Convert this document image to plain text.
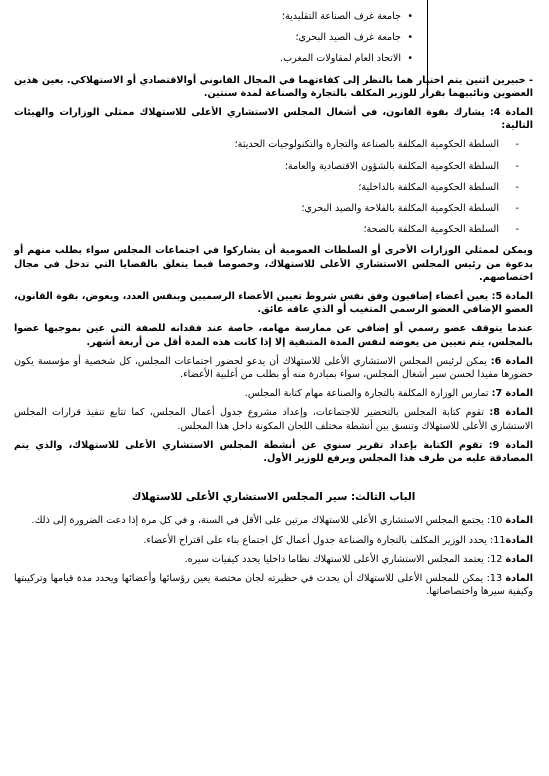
• جامعة غرف الصناعة التقليدية؛
• جامعة غرف الصيد البحري؛
• الاتحاد العام لمقاولات المغرب.

- خبيرين اثنين يتم اختيار هما بالنظر إلى كفاءتهما في المجال القانوني أوالاقتصادي أو الاستهلاكي. يعين هذين العضوين ونائبيهما بقرار للوزير المكلف بالتجارة والصناعة لمدة سنتين.

المادة 4: يشارك بقوة القانون، في أشغال المجلس الاستشاري الأعلى للاستهلاك ممثلي الوزارات والهيئات التالية:

- السلطة الحكومية المكلفة بالصناعة والتجارة والتكنولوجيات الحديثة؛
- السلطة الحكومية المكلفة بالشؤون الاقتصادية والعامة؛
- السلطة الحكومية المكلفة بالداخلية؛
- السلطة الحكومية المكلفة بالفلاحة والصيد البحري؛
- السلطة الحكومية المكلفة بالصحة؛

ويمكن لممثلي الوزارات الأخرى أو السلطات العمومية أن يشاركوا في اجتماعات المجلس سواء بطلب منهم أو بدعوة من رئيس المجلس الاستشاري الأعلى للاستهلاك، وخصوصا فيما يتعلق بالقضايا التي تدخل في مجال اختصاصهم.

المادة 5: يعين أعضاء إضافيون وفق نفس شروط تعيين الأعضاء الرسميين وبنفس العدد، ويعوض، بقوة القانون، العضو الإضافي العضو الرسمي المتغيب أو الذي عاقه عائق.

عندما يتوقف عضو رسمي أو إضافي عن ممارسة مهامه، خاصة عند فقدانه للصفة التي عين بموجبها عضوا بالمجلس، يتم تعيين من يعوضه لنفس المدة المتبقية إلا إذا كانت هذه المدة أقل من أربعة أشهر.

المادة 6: يمكن لرئيس المجلس الاستشاري الأعلى للاستهلاك أن يدعو لحضور اجتماعات المجلس، كل شخصية أو مؤسسة يكون حضورها مفيدا لحسن سير أشغال المجلس، سواء بمبادرة منه أو بطلب من أغلبية الأعضاء.

المادة 7: تمارس الوزارة المكلفة بالتجارة والصناعة مهام كتابة المجلس.

المادة 8: تقوم كتابة المجلس بالتحضير للاجتماعات، وإعداد مشروع جدول أعمال المجلس، كما تتابع تنفيذ قرارات المجلس الاستشاري الأعلى للاستهلاك وتنسق بين أنشطة مختلف اللجان المكونة داخل هذا المجلس.

المادة 9: تقوم الكتابة بإعداد تقرير سنوي عن أنشطة المجلس الاستشاري الأعلى للاستهلاك، والذي يتم المصادقة عليه من طرف هذا المجلس ويرفع للوزير الأول.

الباب الثالث: سير المجلس الاستشاري الأعلى للاستهلاك

المادة 10: يجتمع المجلس الاستشاري الأعلى للاستهلاك مرتين على الأقل في السنة، و في كل مرة إذا دعت الضرورة إلى ذلك.

المادة11: يحدد الوزير المكلف بالتجارة والصناعة جدول أعمال كل اجتماع بناء على اقتراح الأعضاء.

المادة 12: يعتمد المجلس الاستشاري الأعلى للاستهلاك نظاما داخليا يحدد كيفيات سيره.

المادة 13: يمكن للمجلس الأعلى للاستهلاك أن يحدث في حظيرته لجان مختصة يعين رؤسائها وأعضائها ويحدد مدة قيامها وتركيبتها وكيفية سيرها واختصاصاتها.
